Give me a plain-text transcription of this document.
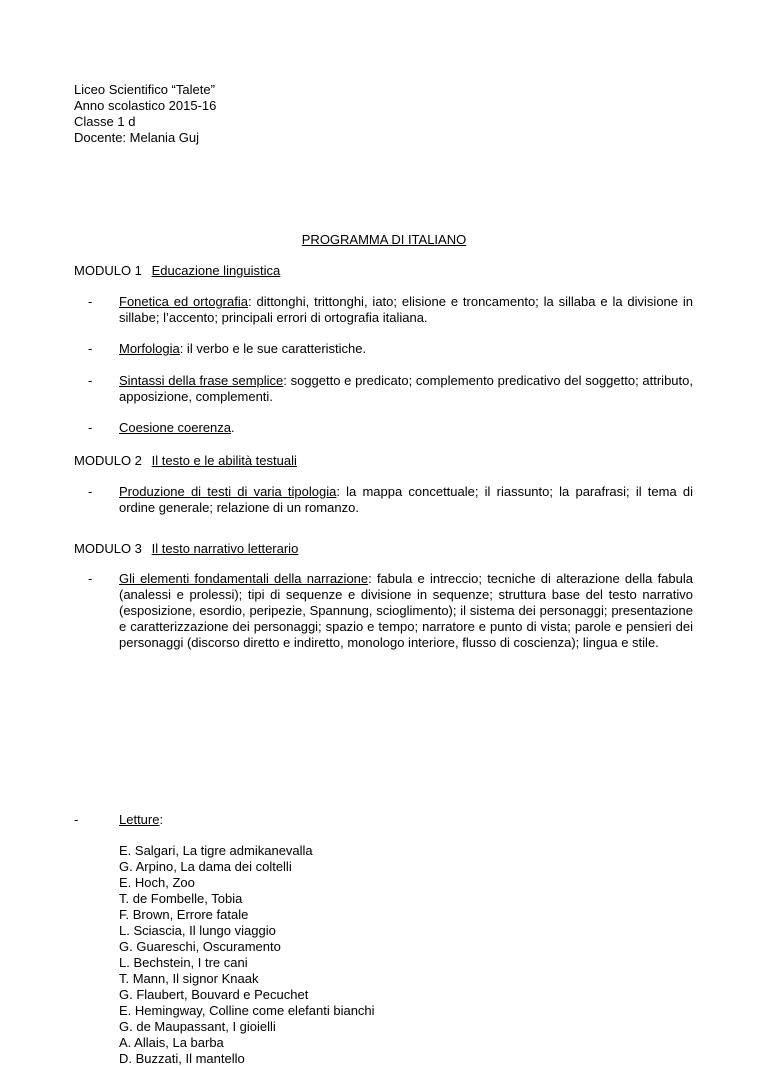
Liceo Scientifico “Talete”
Anno scolastico 2015-16
Classe 1 d
Docente: Melania Guj
PROGRAMMA DI ITALIANO
MODULO 1 Educazione linguistica
- Fonetica ed ortografia: dittonghi, trittonghi, iato; elisione e troncamento; la sillaba e la divisione in sillabe; l’accento; principali errori di ortografia italiana.
- Morfologia: il verbo e le sue caratteristiche.
- Sintassi della frase semplice: soggetto e predicato; complemento predicativo del soggetto; attributo, apposizione, complementi.
- Coesione coerenza.
MODULO 2 Il testo e le abilità testuali
- Produzione di testi di varia tipologia: la mappa concettuale; il riassunto; la parafrasi; il tema di ordine generale; relazione di un romanzo.
MODULO 3 Il testo narrativo letterario
- Gli elementi fondamentali della narrazione: fabula e intreccio; tecniche di alterazione della fabula (analessi e prolessi); tipi di sequenze e divisione in sequenze; struttura base del testo narrativo (esposizione, esordio, peripezie, Spannung, scioglimento); il sistema dei personaggi; presentazione e caratterizzazione dei personaggi; spazio e tempo; narratore e punto di vista; parole e pensieri dei personaggi (discorso diretto e indiretto, monologo interiore, flusso di coscienza); lingua e stile.
-	Letture:
E. Salgari, La tigre admikanevalla
G. Arpino, La dama dei coltelli
E. Hoch, Zoo
T. de Fombelle, Tobia
F. Brown, Errore fatale
L. Sciascia, Il lungo viaggio
G. Guareschi, Oscuramento
L. Bechstein, I tre cani
T. Mann, Il signor Knaak
G. Flaubert, Bouvard e Pecuchet
E. Hemingway, Colline come elefanti bianchi
G. de Maupassant, I gioielli
A. Allais, La barba
D. Buzzati, Il mantello
